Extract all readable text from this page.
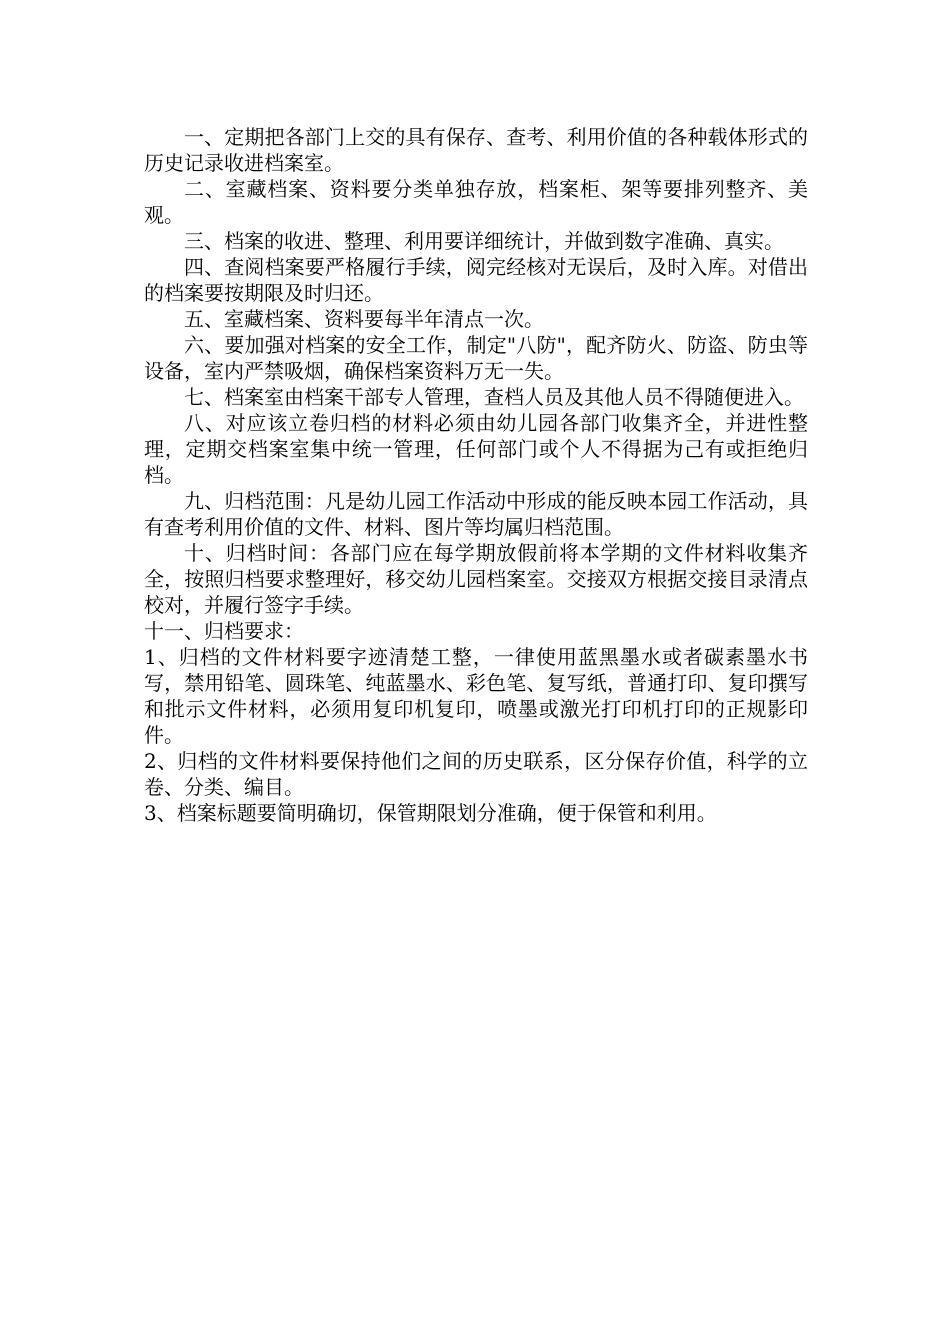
一、定期把各部门上交的具有保存、查考、利用价值的各种载体形式的历史记录收进档案室。

二、室藏档案、资料要分类单独存放，档案柜、架等要排列整齐、美观。

三、档案的收进、整理、利用要详细统计，并做到数字准确、真实。

四、查阅档案要严格履行手续，阅完经核对无误后，及时入库。对借出的档案要按期限及时归还。

五、室藏档案、资料要每半年清点一次。

六、要加强对档案的安全工作，制定"八防"，配齐防火、防盗、防虫等设备，室内严禁吸烟，确保档案资料万无一失。

七、档案室由档案干部专人管理，查档人员及其他人员不得随便进入。

八、对应该立卷归档的材料必须由幼儿园各部门收集齐全，并进性整理，定期交档案室集中统一管理，任何部门或个人不得据为己有或拒绝归档。

九、归档范围：凡是幼儿园工作活动中形成的能反映本园工作活动，具有查考利用价值的文件、材料、图片等均属归档范围。

十、归档时间：各部门应在每学期放假前将本学期的文件材料收集齐全，按照归档要求整理好，移交幼儿园档案室。交接双方根据交接目录清点校对，并履行签字手续。

十一、归档要求：

1、归档的文件材料要字迹清楚工整，一律使用蓝黑墨水或者碳素墨水书写，禁用铅笔、圆珠笔、纯蓝墨水、彩色笔、复写纸，普通打印、复印撰写和批示文件材料，必须用复印机复印，喷墨或激光打印机打印的正规影印件。

2、归档的文件材料要保持他们之间的历史联系，区分保存价值，科学的立卷、分类、编目。

3、档案标题要简明确切，保管期限划分准确，便于保管和利用。
